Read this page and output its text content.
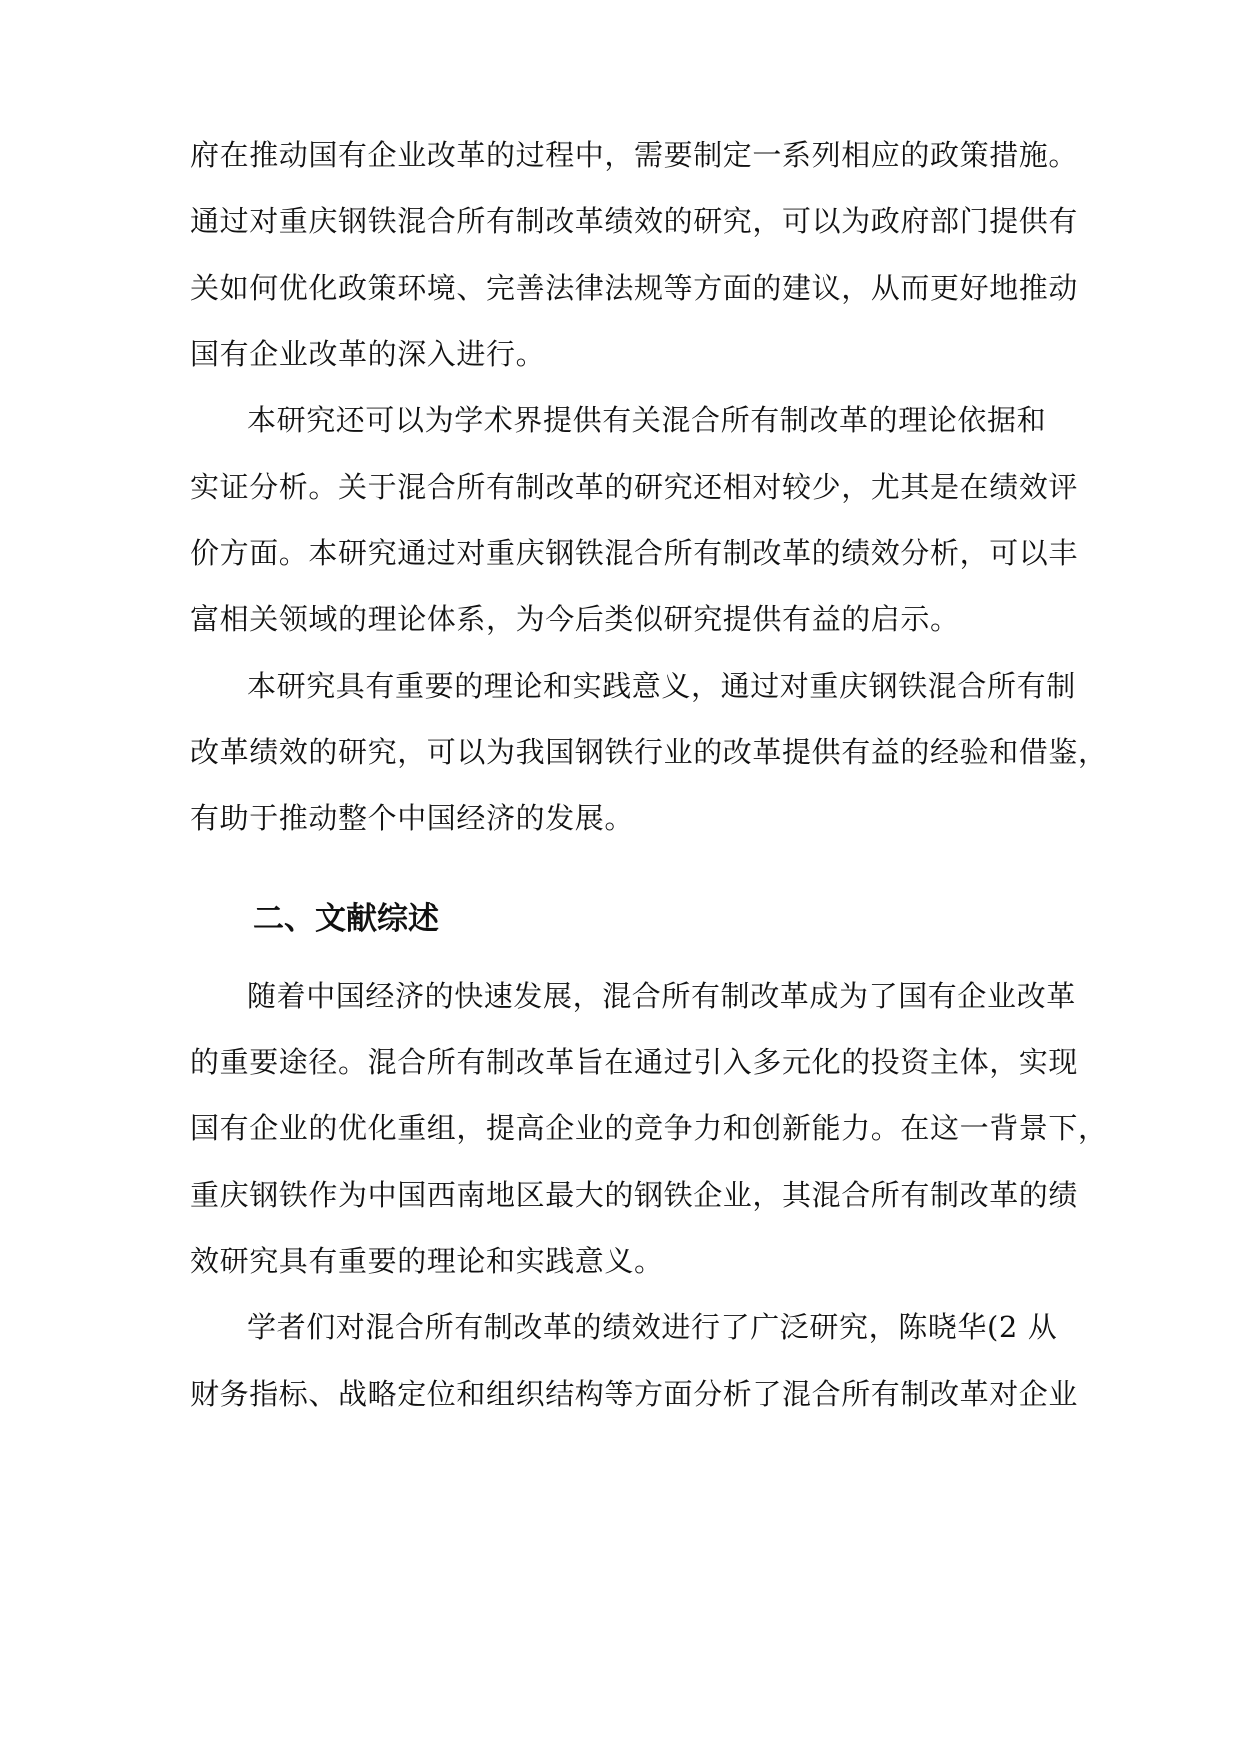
府在推动国有企业改革的过程中，需要制定一系列相应的政策措施。
通过对重庆钢铁混合所有制改革绩效的研究，可以为政府部门提供有
关如何优化政策环境、完善法律法规等方面的建议，从而更好地推动
国有企业改革的深入进行。
本研究还可以为学术界提供有关混合所有制改革的理论依据和
实证分析。关于混合所有制改革的研究还相对较少，尤其是在绩效评
价方面。本研究通过对重庆钢铁混合所有制改革的绩效分析，可以丰
富相关领域的理论体系，为今后类似研究提供有益的启示。
本研究具有重要的理论和实践意义，通过对重庆钢铁混合所有制
改革绩效的研究，可以为我国钢铁行业的改革提供有益的经验和借鉴，
有助于推动整个中国经济的发展。
二、文献综述
随着中国经济的快速发展，混合所有制改革成为了国有企业改革
的重要途径。混合所有制改革旨在通过引入多元化的投资主体，实现
国有企业的优化重组，提高企业的竞争力和创新能力。在这一背景下，
重庆钢铁作为中国西南地区最大的钢铁企业，其混合所有制改革的绩
效研究具有重要的理论和实践意义。
学者们对混合所有制改革的绩效进行了广泛研究，陈晓华(2 从
财务指标、战略定位和组织结构等方面分析了混合所有制改革对企业
